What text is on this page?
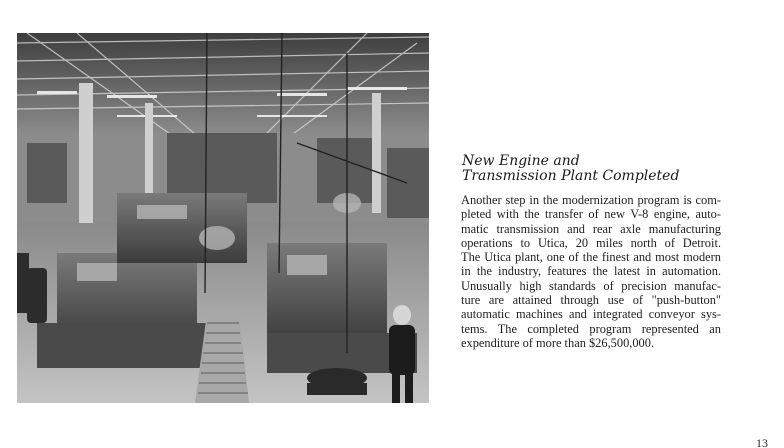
New Engine and
Transmission Plant Completed

Another step in the modernization program is com-
pleted with the transfer of new V-8 engine, auto-
matic transmission and rear axle manufacturing
operations to Utica, 20 miles north of Detroit.
The Utica plant, one of the finest and most modern
in the industry, features the latest in automation.
Unusually high standards of precision manufac-
ture are attained through use of "push-button"
automatic machines and integrated conveyor sys-
tems. The completed program represented an
expenditure of more than $26,500,000.

13
